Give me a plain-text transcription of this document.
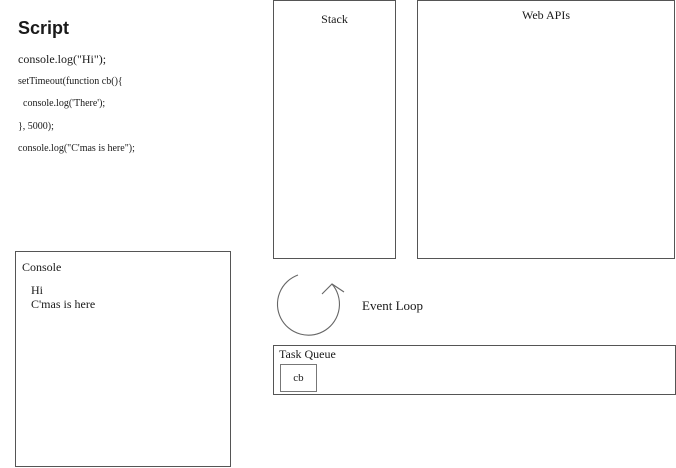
Script
console.log("Hi");
setTimeout(function cb(){
console.log('There');
}, 5000);
console.log("C'mas is here");
Stack	Web APIs
Console
Hi
C'mas is here	Event Loop
Task Queue
cb
